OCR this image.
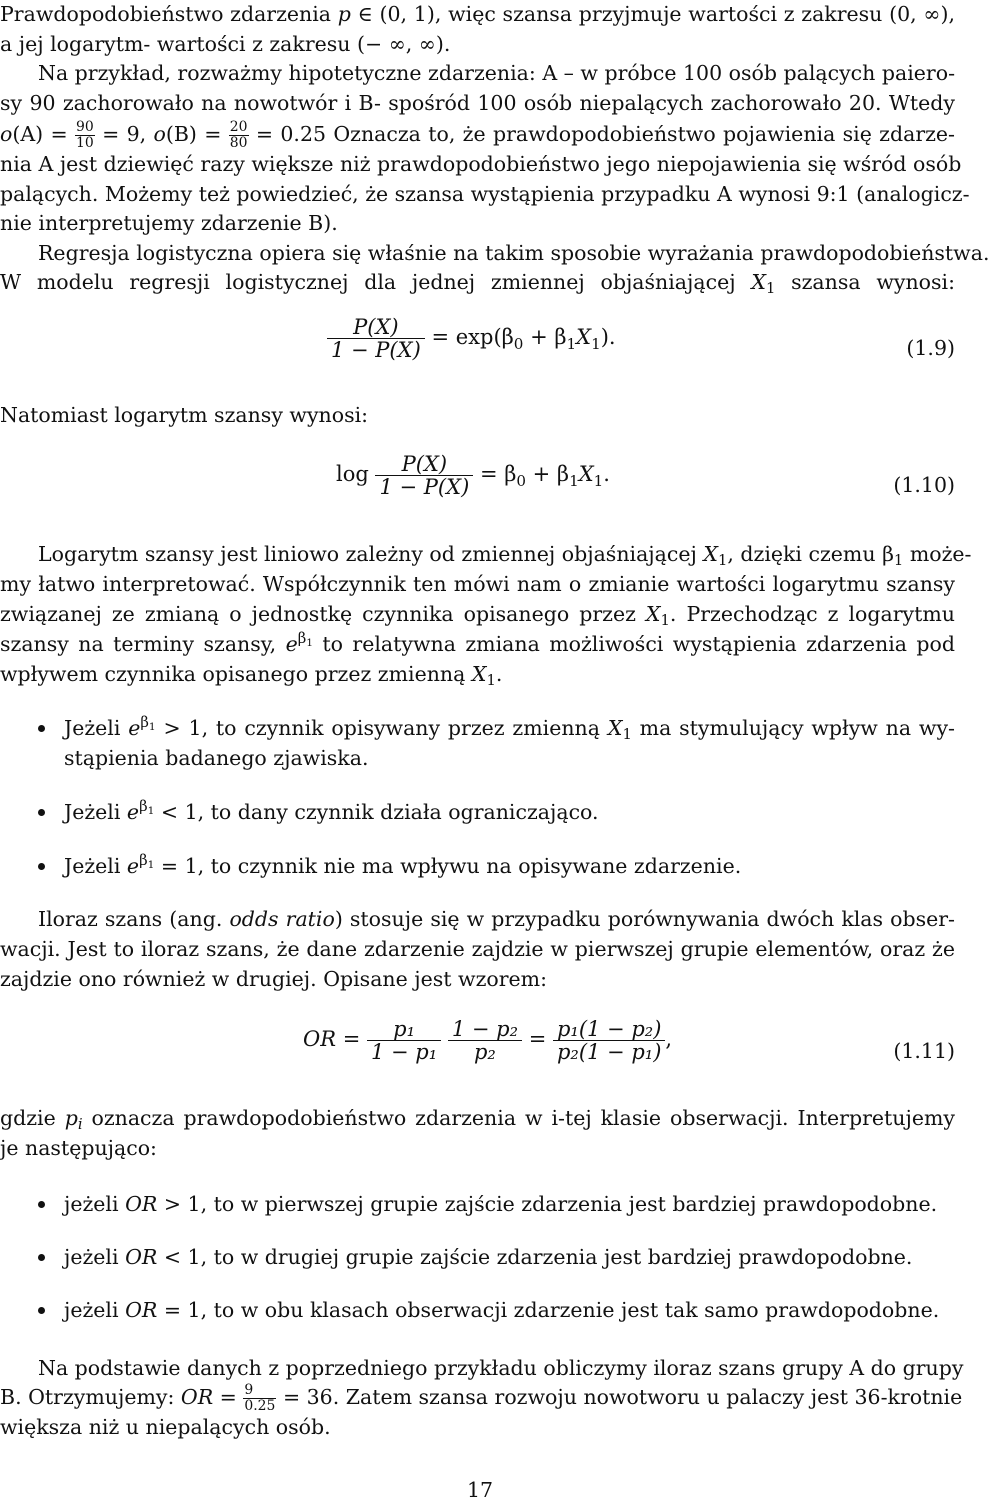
Prawdopodobieństwo zdarzenia p ∈ (0, 1), więc szansa przyjmuje wartości z zakresu (0, ∞),
a jej logarytm- wartości z zakresu (− ∞, ∞).
Na przykład, rozważmy hipotetyczne zdarzenia: A – w próbce 100 osób palących paiero-
sy 90 zachorowało na nowotwór i B- spośród 100 osób niepalących zachorowało 20. Wtedy
$o(A) = \frac{90}{10} = 9$, $o(B) = \frac{20}{80} = 0.25$ Oznacza to, że prawdopodobieństwo pojawienia się zdarze-
nia A jest dziewięć razy większe niż prawdopodobieństwo jego niepojawienia się wśród osób
palących. Możemy też powiedzieć, że szansa wystąpienia przypadku A wynosi 9:1 (analogicz-
nie interpretujemy zdarzenie B).
Regresja logistyczna opiera się właśnie na takim sposobie wyrażania prawdopodobieństwa.
W modelu regresji logistycznej dla jednej zmiennej objaśniającej $X_1$ szansa wynosi:
$\frac{P(X)}{1 - P(X)} = \exp(\beta_0 + \beta_1X_1)$.	(1.9)
Natomiast logarytm szansy wynosi:
$\log \frac{P(X)}{1 - P(X)} = \beta_0 + \beta_1X_1$.	(1.10)
Logarytm szansy jest liniowo zależny od zmiennej objaśniającej $X_1$, dzięki czemu $\beta_1$ może-
my łatwo interpretować. Współczynnik ten mówi nam o zmianie wartości logarytmu szansy
związanej ze zmianą o jednostkę czynnika opisanego przez $X_1$. Przechodząc z logarytmu
szansy na terminy szansy, $e^{\beta_1}$ to relatywna zmiana możliwości wystąpienia zdarzenia pod
wpływem czynnika opisanego przez zmienną $X_1$.
Jeżeli $e^{\beta_1} > 1$, to czynnik opisywany przez zmienną $X_1$ ma stymulujący wpływ na wy-
stąpienia badanego zjawiska.
Jeżeli $e^{\beta_1} < 1$, to dany czynnik działa ograniczająco.
Jeżeli $e^{\beta_1} = 1$, to czynnik nie ma wpływu na opisywane zdarzenie.
Iloraz szans (ang. odds ratio) stosuje się w przypadku porównywania dwóch klas obser-
wacji. Jest to iloraz szans, że dane zdarzenie zajdzie w pierwszej grupie elementów, oraz że
zajdzie ono również w drugiej. Opisane jest wzorem:
OR = $\frac{\text{p₁}}{\text{1 − p₁}}$
$\frac{\text{1 − p₂}}{\text{p₂}} = \frac{\text{p₁(1 − p₂)}}{\text{p₂(1 − p₁)}}$ ,	(1.11)
gdzie $p_i$ oznacza prawdopodobieństwo zdarzenia w i-tej klasie obserwacji. Interpretujemy
je następująco:
jeżeli OR > 1, to w pierwszej grupie zajście zdarzenia jest bardziej prawdopodobne.
jeżeli OR < 1, to w drugiej grupie zajście zdarzenia jest bardziej prawdopodobne.
jeżeli OR = 1, to w obu klasach obserwacji zdarzenie jest tak samo prawdopodobne.
Na podstawie danych z poprzedniego przykładu obliczymy iloraz szans grupy A do grupy
B. Otrzymujemy: OR = $\frac{9}{0.25} = 36$. Zatem szansa rozwoju nowotworu u palaczy jest 36-krotnie
większa niż u niepalących osób.
17
